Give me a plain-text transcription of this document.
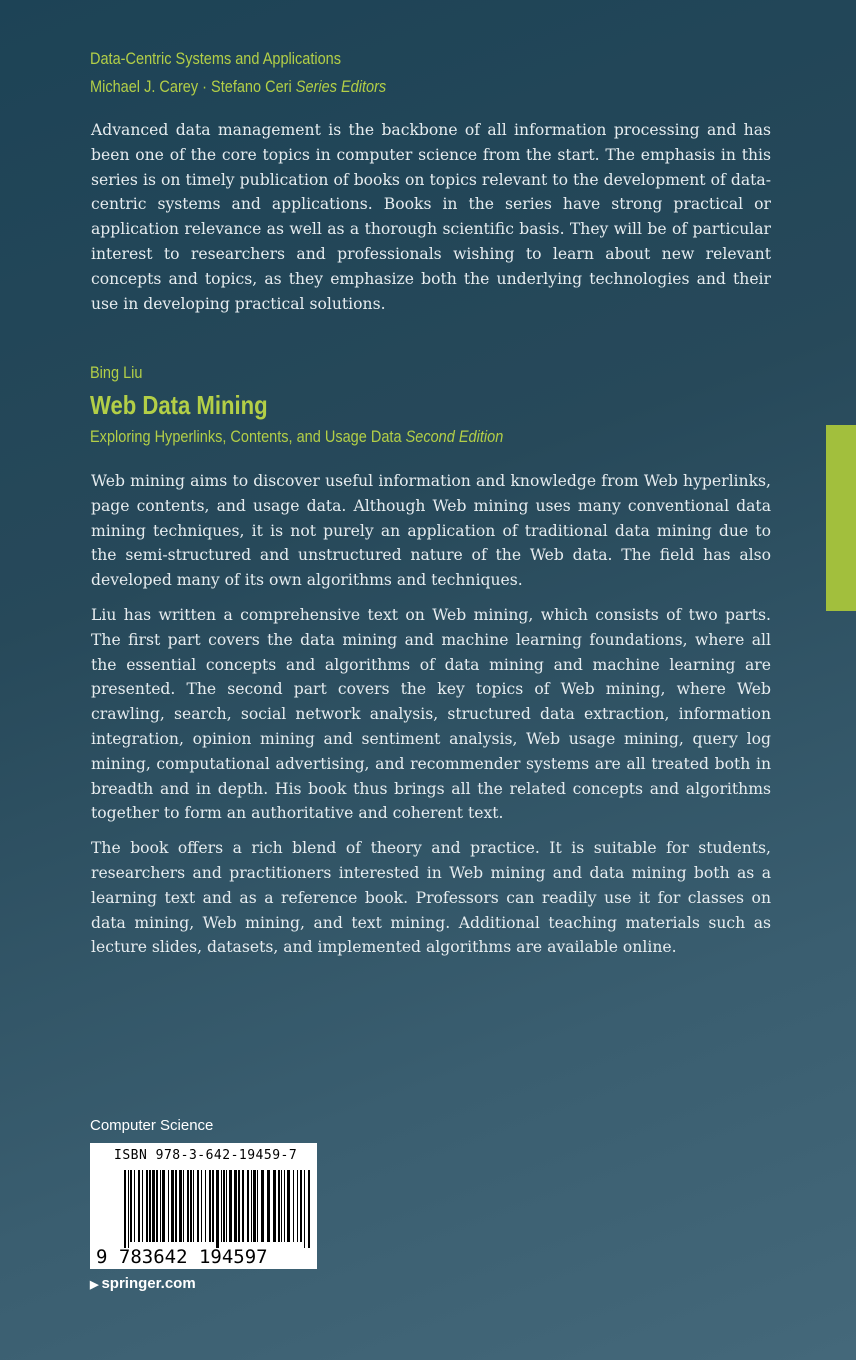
Data-Centric Systems and Applications
Michael J. Carey · Stefano Ceri Series Editors

Advanced data management is the backbone of all information processing and has been one of the core topics in computer science from the start. The emphasis in this series is on timely publication of books on topics relevant to the development of data-centric systems and applications. Books in the series have strong practical or application relevance as well as a thorough scientific basis. They will be of particular interest to researchers and professionals wishing to learn about new relevant concepts and topics, as they emphasize both the underlying technologies and their use in developing practical solutions.

Bing Liu
Web Data Mining
Exploring Hyperlinks, Contents, and Usage Data Second Edition

Web mining aims to discover useful information and knowledge from Web hyperlinks, page contents, and usage data. Although Web mining uses many conventional data mining techniques, it is not purely an application of traditional data mining due to the semi-structured and unstructured nature of the Web data. The field has also developed many of its own algorithms and techniques.

Liu has written a comprehensive text on Web mining, which consists of two parts. The first part covers the data mining and machine learning foundations, where all the essential concepts and algorithms of data mining and machine learning are presented. The second part covers the key topics of Web mining, where Web crawling, search, social network analysis, structured data extraction, information integration, opinion mining and sentiment analysis, Web usage mining, query log mining, computational advertising, and recommender systems are all treated both in breadth and in depth. His book thus brings all the related concepts and algorithms together to form an authoritative and coherent text.

The book offers a rich blend of theory and practice. It is suitable for students, researchers and practitioners interested in Web mining and data mining both as a learning text and as a reference book. Professors can readily use it for classes on data mining, Web mining, and text mining. Additional teaching materials such as lecture slides, datasets, and implemented algorithms are available online.

Computer Science
ISBN 978-3-642-19459-7
9 783642 194597
▶ springer.com
